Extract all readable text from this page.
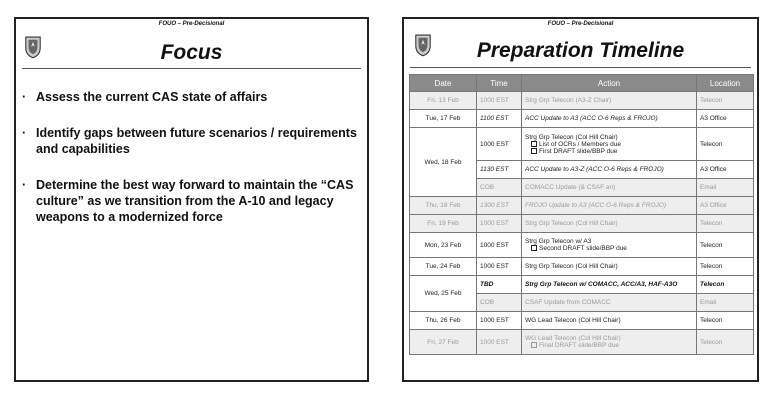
FOUO – Pre-Decisional
Focus
· Assess the current CAS state of affairs
· Identify gaps between future scenarios / requirements and capabilities
· Determine the best way forward to maintain the “CAS culture” as we transition from the A-10 and legacy weapons to a modernized force
FOUO – Pre-Decisional
Preparation Timeline
Date	Time	Action	Location
Fri, 13 Feb	1000 EST	Strg Grp Telecon (A3-Z Chair)	Telecon
Tue, 17 Feb	1100 EST	ACC Update to A3 (ACC O-6 Reps & FROJO)	A3 Office
Wed, 18 Feb	1000 EST	Strg Grp Telecon (Col Hill Chair)
List of OCRs / Members due
First DRAFT slide/BBP due	Telecon
	1130 EST	ACC Update to A3-Z (ACC O-6 Reps & FROJO)	A3 Office
	COB	COMACC Update (& CSAF an)	Email
Thu, 18 Feb	1300 EST	FROJO Update to A3 (ACC O-6 Reps & FROJO)	A3 Office
Fri, 19 Feb	1000 EST	Strg Grp Telecon (Col Hill Chair)	Telecon
Mon, 23 Feb	1000 EST	Strg Grp Telecon w/ A3
Second DRAFT slide/BBP due	Telecon
Tue, 24 Feb	1000 EST	Strg Grp Telecon (Col Hill Chair)	Telecon
Wed, 25 Feb	TBD	Strg Grp Telecon w/ COMACC, ACC/A3, HAF-A3O	Telecon
	COB	CSAF Update from COMACC	Email
Thu, 26 Feb	1000 EST	WG Lead Telecon (Col Hill Chair)	Telecon
Fri, 27 Feb	1000 EST	WG Lead Telecon (Col Hill Chair)
Final DRAFT slide/BBP due	Telecon
